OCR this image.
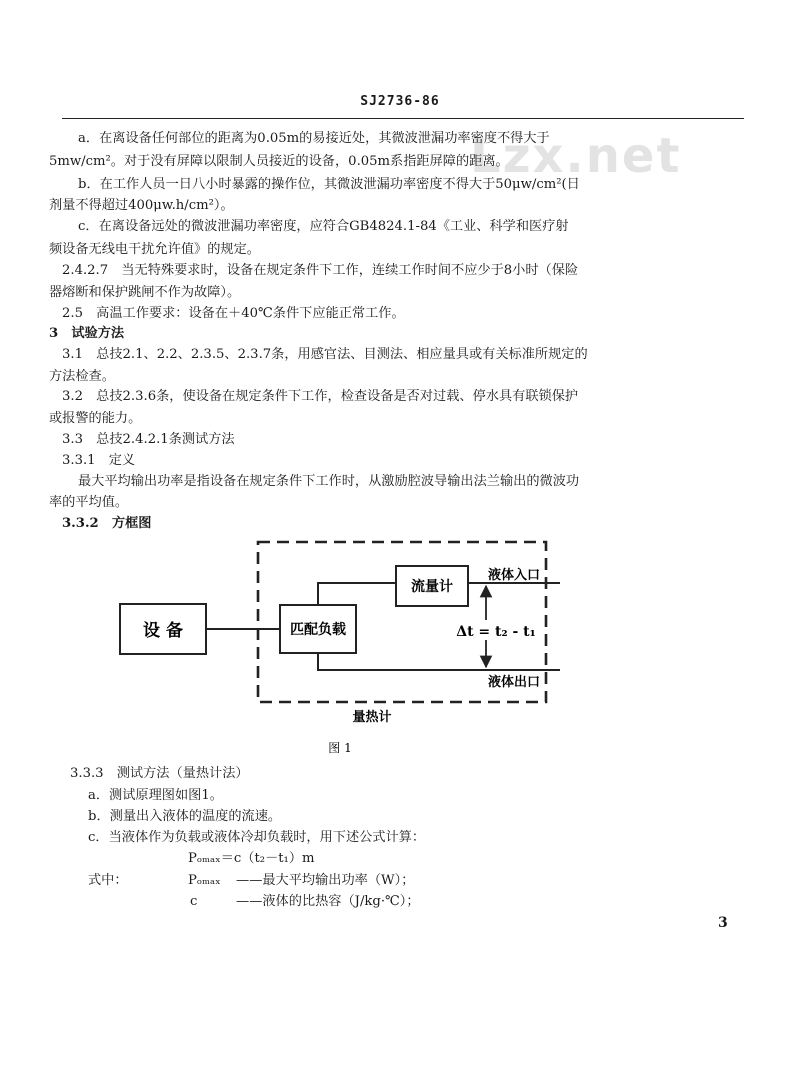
Lzx.net
SJ2736-86
a．在离设备任何部位的距离为0.05m的易接近处，其微波泄漏功率密度不得大于
5mw/cm²。对于没有屏障以限制人员接近的设备，0.05m系指距屏障的距离。
b．在工作人员一日八小时暴露的操作位，其微波泄漏功率密度不得大于50μw/cm²(日
剂量不得超过400μw.h/cm²）。
c．在离设备远处的微波泄漏功率密度，应符合GB4824.1-84《工业、科学和医疗射
频设备无线电干扰允许值》的规定。
2.4.2.7　当无特殊要求时，设备在规定条件下工作，连续工作时间不应少于8小时（保险
器熔断和保护跳闸不作为故障）。
2.5　高温工作要求：设备在＋40℃条件下应能正常工作。
3　试验方法
3.1　总技2.1、2.2、2.3.5、2.3.7条，用感官法、目测法、相应量具或有关标准所规定的
方法检查。
3.2　总技2.3.6条，使设备在规定条件下工作，检查设备是否对过载、停水具有联锁保护
或报警的能力。
3.3　总技2.4.2.1条测试方法
3.3.1　定义
最大平均输出功率是指设备在规定条件下工作时，从激励腔波导输出法兰输出的微波功
率的平均值。
3.3.2　方框图
设 备	匹配负载
流量计
液体入口
液体出口
Δt = t₂ - t₁
量热计
图 1
3.3.3　测试方法（量热计法）
a．测试原理图如图1。
b．测量出入液体的温度的流速。
c．当液体作为负载或液体冷却负载时，用下述公式计算：
Pₒₘₐₓ＝c（t₂－t₁）m
式中：	Pₒₘₐₓ ——最大平均输出功率（W）；
c	——液体的比热容（J/kg·℃）；
3
